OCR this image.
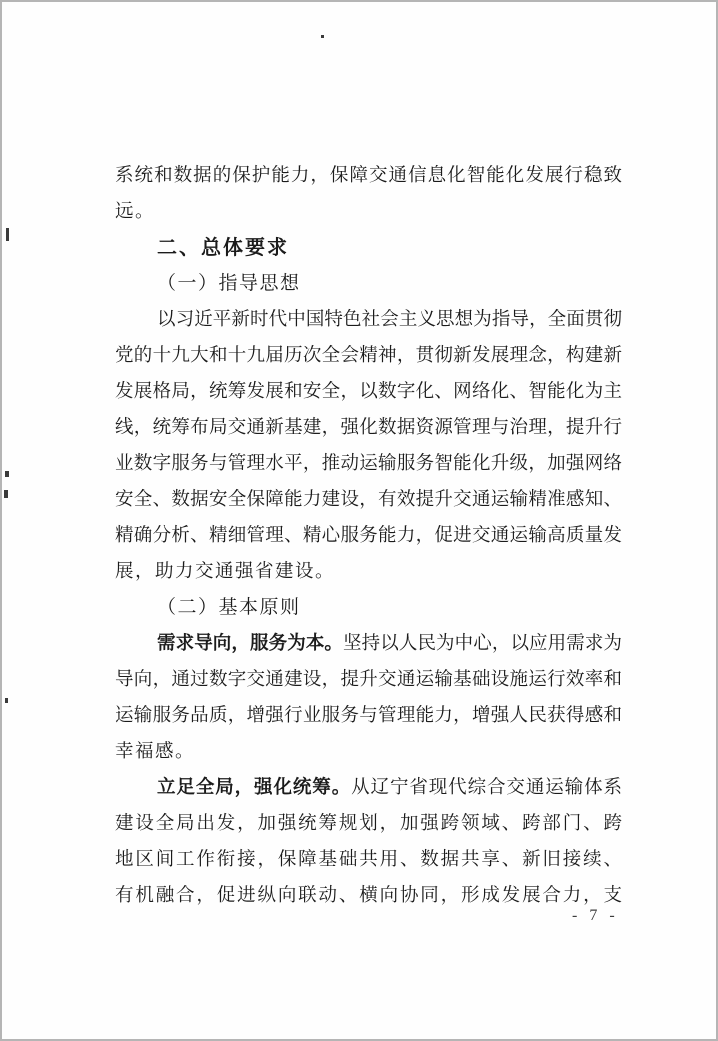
系统和数据的保护能力，保障交通信息化智能化发展行稳致
远。
二、总体要求
（一）指导思想
以习近平新时代中国特色社会主义思想为指导，全面贯彻
党的十九大和十九届历次全会精神，贯彻新发展理念，构建新
发展格局，统筹发展和安全，以数字化、网络化、智能化为主
线，统筹布局交通新基建，强化数据资源管理与治理，提升行
业数字服务与管理水平，推动运输服务智能化升级，加强网络
安全、数据安全保障能力建设，有效提升交通运输精准感知、
精确分析、精细管理、精心服务能力，促进交通运输高质量发
展，助力交通强省建设。
（二）基本原则
需求导向，服务为本。坚持以人民为中心，以应用需求为
导向，通过数字交通建设，提升交通运输基础设施运行效率和
运输服务品质，增强行业服务与管理能力，增强人民获得感和
幸福感。
立足全局，强化统筹。从辽宁省现代综合交通运输体系
建设全局出发，加强统筹规划，加强跨领域、跨部门、跨
地区间工作衔接，保障基础共用、数据共享、新旧接续、
有机融合，促进纵向联动、横向协同，形成发展合力，支
- 7 -
